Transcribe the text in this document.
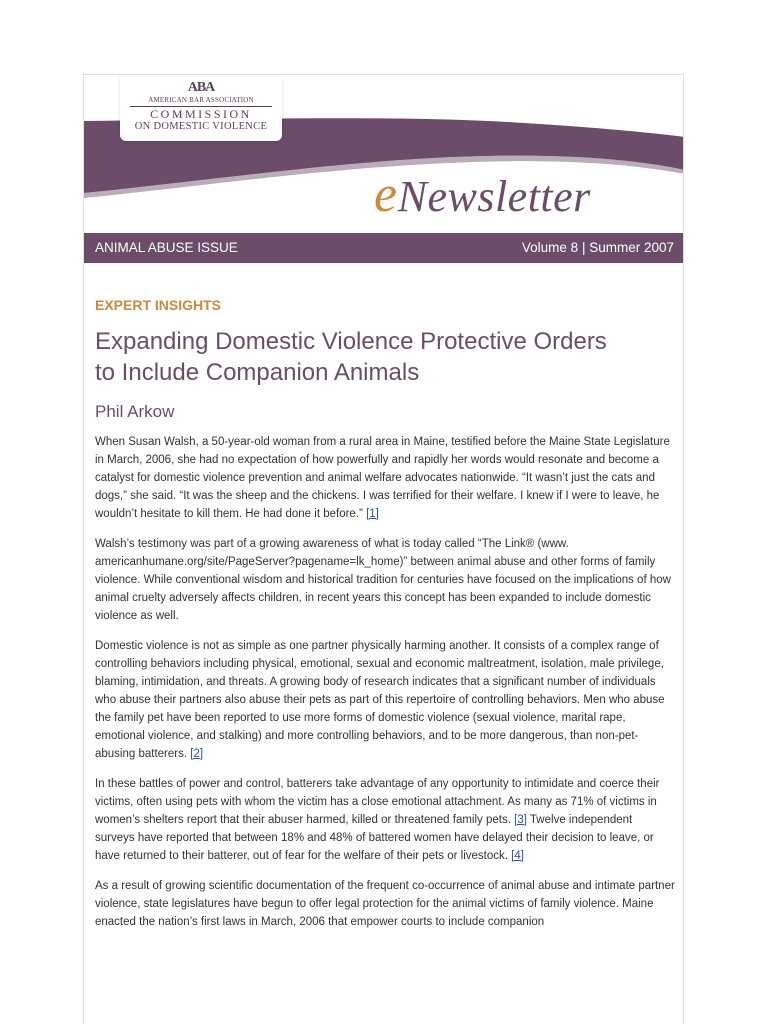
ABA
AMERICAN BAR ASSOCIATION
COMMISSION
ON DOMESTIC VIOLENCE
eNewsletter
ANIMAL ABUSE ISSUE	Volume 8 | Summer 2007
EXPERT INSIGHTS
Expanding Domestic Violence Protective Orders
to Include Companion Animals
Phil Arkow
When Susan Walsh, a 50-year-old woman from a rural area in Maine, testified before the Maine State Legislature in March, 2006, she had no expectation of how powerfully and rapidly her words would resonate and become a catalyst for domestic violence prevention and animal welfare advocates nationwide. “It wasn’t just the cats and dogs,” she said. “It was the sheep and the chickens. I was terrified for their welfare. I knew if I were to leave, he wouldn’t hesitate to kill them. He had done it before.” [1]
Walsh’s testimony was part of a growing awareness of what is today called “The Link® (www. americanhumane.org/site/PageServer?pagename=lk_home)” between animal abuse and other forms of family violence. While conventional wisdom and historical tradition for centuries have focused on the implications of how animal cruelty adversely affects children, in recent years this concept has been expanded to include domestic violence as well.
Domestic violence is not as simple as one partner physically harming another. It consists of a complex range of controlling behaviors including physical, emotional, sexual and economic maltreatment, isolation, male privilege, blaming, intimidation, and threats. A growing body of research indicates that a significant number of individuals who abuse their partners also abuse their pets as part of this repertoire of controlling behaviors. Men who abuse the family pet have been reported to use more forms of domestic violence (sexual violence, marital rape, emotional violence, and stalking) and more controlling behaviors, and to be more dangerous, than non-pet-abusing batterers. [2]
In these battles of power and control, batterers take advantage of any opportunity to intimidate and coerce their victims, often using pets with whom the victim has a close emotional attachment. As many as 71% of victims in women’s shelters report that their abuser harmed, killed or threatened family pets. [3] Twelve independent surveys have reported that between 18% and 48% of battered women have delayed their decision to leave, or have returned to their batterer, out of fear for the welfare of their pets or livestock. [4]
As a result of growing scientific documentation of the frequent co-occurrence of animal abuse and intimate partner violence, state legislatures have begun to offer legal protection for the animal victims of family violence. Maine enacted the nation’s first laws in March, 2006 that empower courts to include companion
